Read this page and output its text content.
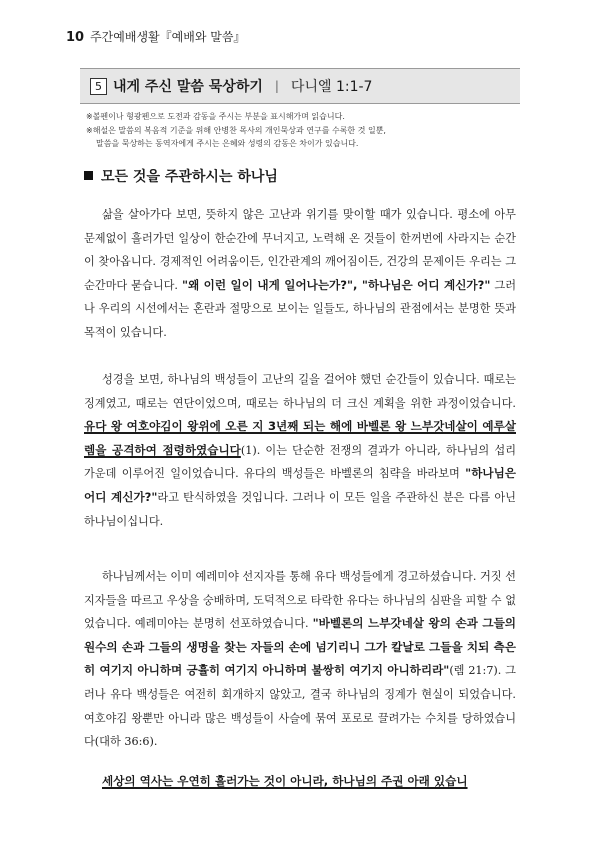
10 주간예배생활『예배와 말씀』
5 내게 주신 말씀 묵상하기 | 다니엘 1:1-7

※볼펜이나 형광펜으로 도전과 감동을 주시는 부분을 표시해가며 읽습니다.

※해설은 말씀의 복음적 기준을 위해 안병찬 목사의 개인묵상과 연구를 수록한 것 일뿐,

말씀을 묵상하는 동역자에게 주시는 은혜와 성령의 감동은 차이가 있습니다.

모든 것을 주관하시는 하나님

삶을 살아가다 보면, 뜻하지 않은 고난과 위기를 맞이할 때가 있습니다. 평소에 아무 문제없이 흘러가던 일상이 한순간에 무너지고, 노력해 온 것들이 한꺼번에 사라지는 순간이 찾아옵니다. 경제적인 어려움이든, 인간관계의 깨어짐이든, 건강의 문제이든 우리는 그 순간마다 묻습니다. "왜 이런 일이 내게 일어나는가?", "하나님은 어디 계신가?" 그러나 우리의 시선에서는 혼란과 절망으로 보이는 일들도, 하나님의 관점에서는 분명한 뜻과 목적이 있습니다.

성경을 보면, 하나님의 백성들이 고난의 길을 걸어야 했던 순간들이 있습니다. 때로는 징계였고, 때로는 연단이었으며, 때로는 하나님의 더 크신 계획을 위한 과정이었습니다. 유다 왕 여호야김이 왕위에 오른 지 3년째 되는 해에 바벨론 왕 느부갓네살이 예루살렘을 공격하여 점령하였습니다(1). 이는 단순한 전쟁의 결과가 아니라, 하나님의 섭리 가운데 이루어진 일이었습니다. 유다의 백성들은 바벨론의 침략을 바라보며 "하나님은 어디 계신가?"라고 탄식하였을 것입니다. 그러나 이 모든 일을 주관하신 분은 다름 아닌 하나님이십니다.

하나님께서는 이미 예레미야 선지자를 통해 유다 백성들에게 경고하셨습니다. 거짓 선지자들을 따르고 우상을 숭배하며, 도덕적으로 타락한 유다는 하나님의 심판을 피할 수 없었습니다. 예레미야는 분명히 선포하였습니다. "바벨론의 느부갓네살 왕의 손과 그들의 원수의 손과 그들의 생명을 찾는 자들의 손에 넘기리니 그가 칼날로 그들을 치되 측은히 여기지 아니하며 긍휼히 여기지 아니하며 불쌍히 여기지 아니하리라"(렘 21:7). 그러나 유다 백성들은 여전히 회개하지 않았고, 결국 하나님의 징계가 현실이 되었습니다. 여호야김 왕뿐만 아니라 많은 백성들이 사슬에 묶여 포로로 끌려가는 수치를 당하였습니다(대하 36:6).

세상의 역사는 우연히 흘러가는 것이 아니라, 하나님의 주권 아래 있습니
